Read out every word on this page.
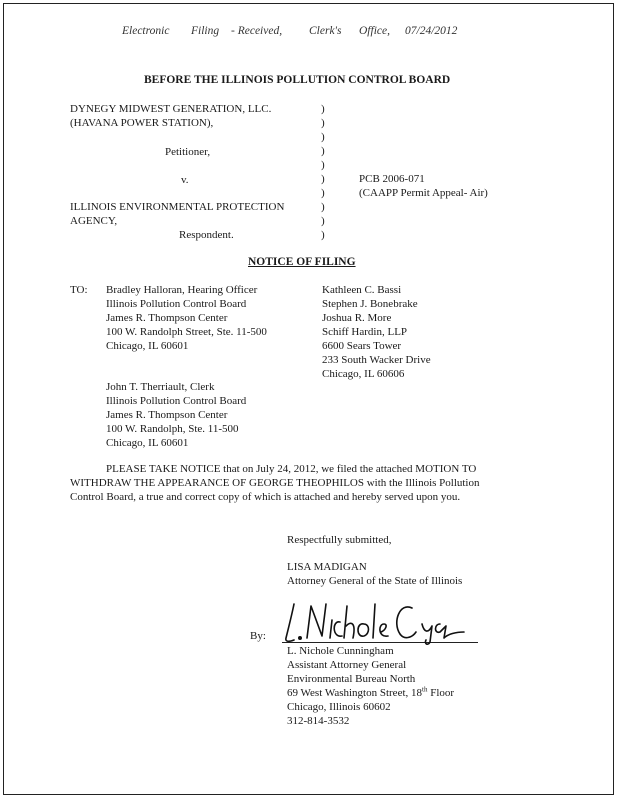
Electronic Filing - Received, Clerk's Office, 07/24/2012
BEFORE THE ILLINOIS POLLUTION CONTROL BOARD
DYNEGY MIDWEST GENERATION, LLC.
(HAVANA POWER STATION),
Petitioner,
v.
ILLINOIS ENVIRONMENTAL PROTECTION
AGENCY,
Respondent.
)
)
)
)
)
)
)
)
)
)
PCB 2006-071
(CAAPP Permit Appeal- Air)
NOTICE OF FILING
TO: Bradley Halloran, Hearing Officer
Illinois Pollution Control Board
James R. Thompson Center
100 W. Randolph Street, Ste. 11-500
Chicago, IL 60601
Kathleen C. Bassi
Stephen J. Bonebrake
Joshua R. More
Schiff Hardin, LLP
6600 Sears Tower
233 South Wacker Drive
Chicago, IL 60606
John T. Therriault, Clerk
Illinois Pollution Control Board
James R. Thompson Center
100 W. Randolph, Ste. 11-500
Chicago, IL 60601
PLEASE TAKE NOTICE that on July 24, 2012, we filed the attached MOTION TO
WITHDRAW THE APPEARANCE OF GEORGE THEOPHILOS with the Illinois Pollution
Control Board, a true and correct copy of which is attached and hereby served upon you.
Respectfully submitted,
LISA MADIGAN
Attorney General of the State of Illinois
By:
L. Nichole Cunningham
Assistant Attorney General
Environmental Bureau North
69 West Washington Street, 18th Floor
Chicago, Illinois 60602
312-814-3532
